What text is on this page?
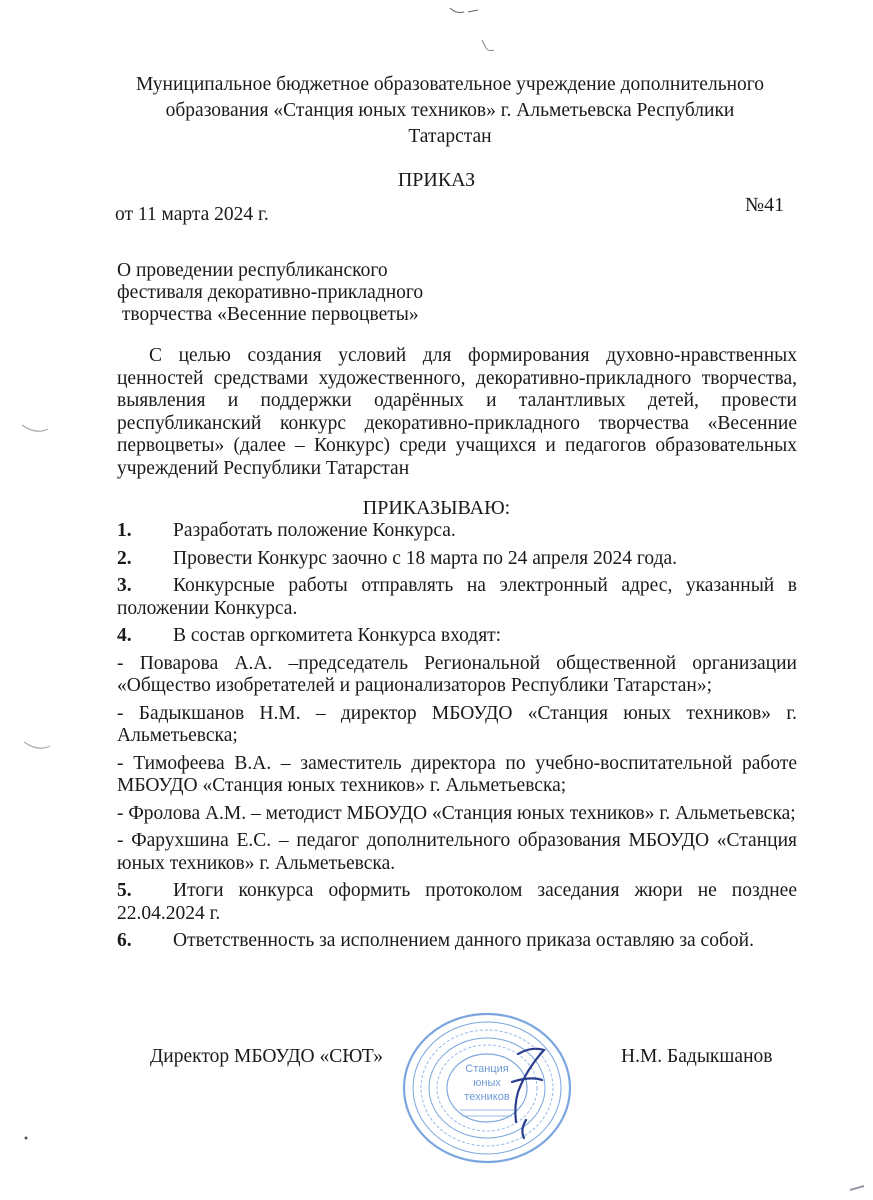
Муниципальное бюджетное образовательное учреждение дополнительного
образования «Станция юных техников» г. Альметьевска Республики
Татарстан
ПРИКАЗ
от 11 марта 2024 г.	№41
О проведении республиканского
фестиваля декоративно-прикладного
творчества «Весенние первоцветы»
С целью создания условий для формирования духовно-нравственных ценностей средствами художественного, декоративно-прикладного творчества, выявления и поддержки одарённых и талантливых детей, провести республиканский конкурс декоративно-прикладного творчества «Весенние первоцветы» (далее – Конкурс) среди учащихся и педагогов образовательных учреждений Республики Татарстан
ПРИКАЗЫВАЮ:
1.	Разработать положение Конкурса.
2.	Провести Конкурс заочно с 18 марта по 24 апреля 2024 года.
3. Конкурсные работы отправлять на электронный адрес, указанный в положении Конкурса.
4.	В состав оргкомитета Конкурса входят:
- Поварова А.А. –председатель Региональной общественной организации «Общество изобретателей и рационализаторов Республики Татарстан»;
- Бадыкшанов Н.М. – директор МБОУДО «Станция юных техников» г. Альметьевска;
- Тимофеева В.А. – заместитель директора по учебно-воспитательной работе МБОУДО «Станция юных техников» г. Альметьевска;
- Фролова А.М. – методист МБОУДО «Станция юных техников» г. Альметьевска;
- Фарухшина Е.С. – педагог дополнительного образования МБОУДО «Станция юных техников» г. Альметьевска.
5. Итоги конкурса оформить протоколом заседания жюри не позднее 22.04.2024 г.
6.	Ответственность за исполнением данного приказа оставляю за собой.
Станция
юных
техников
Директор МБОУДО «СЮТ»	Н.М. Бадыкшанов
